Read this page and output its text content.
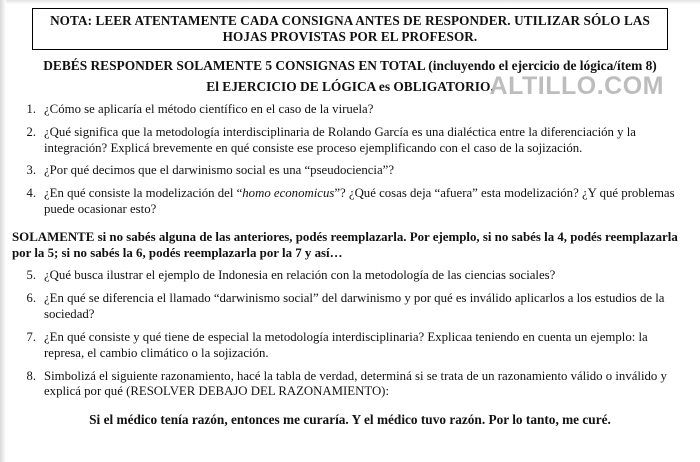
NOTA: LEER ATENTAMENTE CADA CONSIGNA ANTES DE RESPONDER. UTILIZAR SÓLO LAS HOJAS PROVISTAS POR EL PROFESOR.
DEBÉS RESPONDER SOLAMENTE 5 CONSIGNAS EN TOTAL (incluyendo el ejercicio de lógica/ítem 8)
El EJERCICIO DE LÓGICA es OBLIGATORIO.
ALTILLO.COM
1. ¿Cómo se aplicaría el método científico en el caso de la viruela?
2. ¿Qué significa que la metodología interdisciplinaria de Rolando García es una dialéctica entre la diferenciación y la integración? Explicá brevemente en qué consiste ese proceso ejemplificando con el caso de la sojización.
3. ¿Por qué decimos que el darwinismo social es una “pseudociencia”?
4. ¿En qué consiste la modelización del “homo economicus”? ¿Qué cosas deja “afuera” esta modelización? ¿Y qué problemas puede ocasionar esto?
SOLAMENTE si no sabés alguna de las anteriores, podés reemplazarla. Por ejemplo, si no sabés la 4, podés reemplazarla por la 5; si no sabés la 6, podés reemplazarla por la 7 y así…
5. ¿Qué busca ilustrar el ejemplo de Indonesia en relación con la metodología de las ciencias sociales?
6. ¿En qué se diferencia el llamado “darwinismo social” del darwinismo y por qué es inválido aplicarlos a los estudios de la sociedad?
7. ¿En qué consiste y qué tiene de especial la metodología interdisciplinaria? Explicaa teniendo en cuenta un ejemplo: la represa, el cambio climático o la sojización.
8. Simbolizá el siguiente razonamiento, hacé la tabla de verdad, determiná si se trata de un razonamiento válido o inválido y explicá por qué (RESOLVER DEBAJO DEL RAZONAMIENTO):
Si el médico tenía razón, entonces me curaría. Y el médico tuvo razón. Por lo tanto, me curé.
